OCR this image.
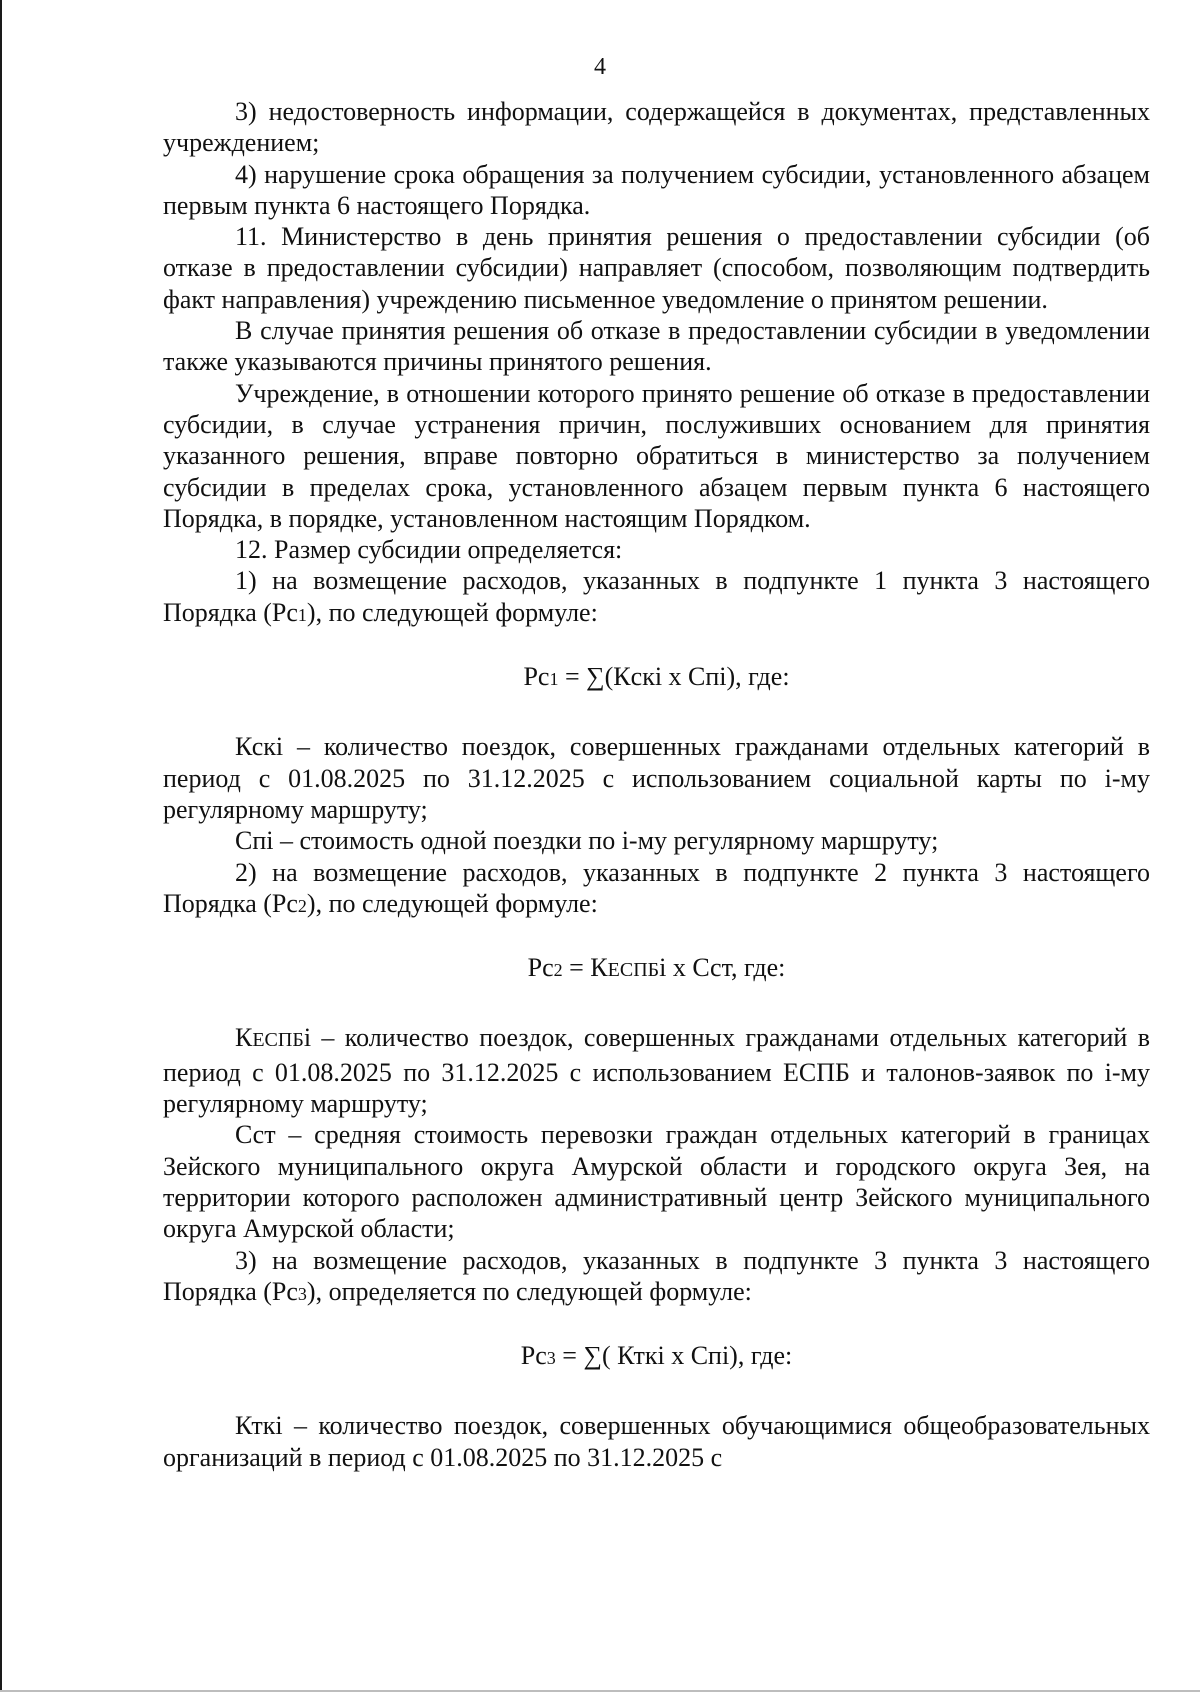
4

3) недостоверность информации, содержащейся в документах, представленных учреждением;

4) нарушение срока обращения за получением субсидии, установленного абзацем первым пункта 6 настоящего Порядка.

11. Министерство в день принятия решения о предоставлении субсидии (об отказе в предоставлении субсидии) направляет (способом, позволяющим подтвердить факт направления) учреждению письменное уведомление о принятом решении.

В случае принятия решения об отказе в предоставлении субсидии в уведомлении также указываются причины принятого решения.

Учреждение, в отношении которого принято решение об отказе в предоставлении субсидии, в случае устранения причин, послуживших основанием для принятия указанного решения, вправе повторно обратиться в министерство за получением субсидии в пределах срока, установленного абзацем первым пункта 6 настоящего Порядка, в порядке, установленном настоящим Порядком.

12. Размер субсидии определяется:

1) на возмещение расходов, указанных в подпункте 1 пункта 3 настоящего Порядка (Рс1), по следующей формуле:

Рс1 = ∑(Кcкi х Cпi), где:

Кскi – количество поездок, совершенных гражданами отдельных категорий в период с 01.08.2025 по 31.12.2025 с использованием социальной карты по i-му регулярному маршруту;

Cпi – стоимость одной поездки по i-му регулярному маршруту;

2) на возмещение расходов, указанных в подпункте 2 пункта 3 настоящего Порядка (Рс2), по следующей формуле:

Рс2 = КЕСПБi х Сст, где:

КЕСПБi – количество поездок, совершенных гражданами отдельных категорий в период с 01.08.2025 по 31.12.2025 с использованием ЕСПБ и талонов-заявок по i-му регулярному маршруту;

Сст – средняя стоимость перевозки граждан отдельных категорий в границах Зейского муниципального округа Амурской области и городского округа Зея, на территории которого расположен административный центр Зейского муниципального округа Амурской области;

3) на возмещение расходов, указанных в подпункте 3 пункта 3 настоящего Порядка (Рс3), определяется по следующей формуле:

Рс3 = ∑( Кткi х Спi), где:

Кткi – количество поездок, совершенных обучающимися общеобразовательных организаций в период с 01.08.2025 по 31.12.2025 с
